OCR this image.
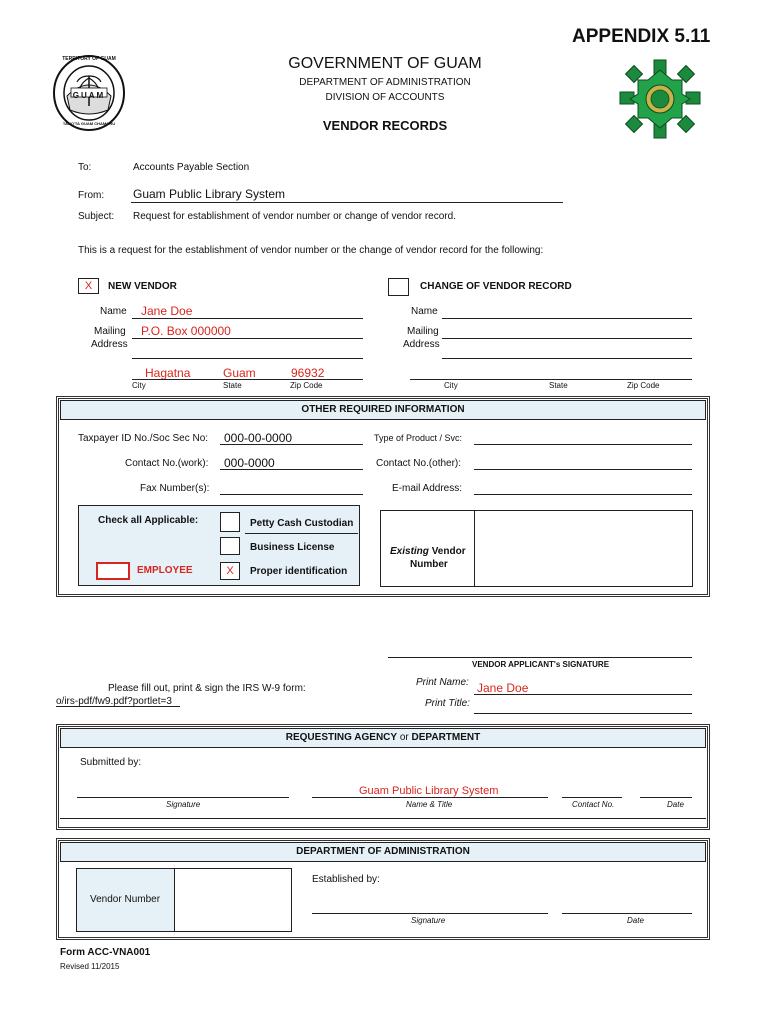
APPENDIX 5.11
GUAM
TERRITORY OF GUAM
TANO'TA GUAM CHAMORU
GOVERNMENT OF GUAM
DEPARTMENT OF ADMINISTRATION
DIVISION OF ACCOUNTS
VENDOR RECORDS
To:	Accounts Payable Section
From: Guam Public Library System
Subject: Request for establishment of vendor number or change of vendor record.
This is a request for the establishment of vendor number or the change of vendor record for the following:
X	NEW VENDOR
Name Jane Doe
Mailing
Address
P.O. Box 000000
Hagatna	Guam	96932
City	State	Zip Code
CHANGE OF VENDOR RECORD
Name
Mailing
Address
City	State	Zip Code
OTHER REQUIRED INFORMATION
Taxpayer ID No./Soc Sec No: 000-00-0000	Type of Product / Svc:
Contact No.(work): 000-0000	Contact No.(other):
Fax Number(s):	E-mail Address:
Check all Applicable:	Petty Cash Custodian
Business License
EMPLOYEE	X	Proper identification
Existing Vendor
Number
VENDOR APPLICANT's SIGNATURE
Please fill out, print & sign the IRS W-9 form:
o/irs-pdf/fw9.pdf?portlet=3
Print Name: Jane Doe
Print Title:
REQUESTING AGENCY or DEPARTMENT
Submitted by:
Guam Public Library System
Signature	Name & Title	Contact No.	Date
DEPARTMENT OF ADMINISTRATION
Vendor Number
Established by:
Signature	Date
Form ACC-VNA001
Revised 11/2015
